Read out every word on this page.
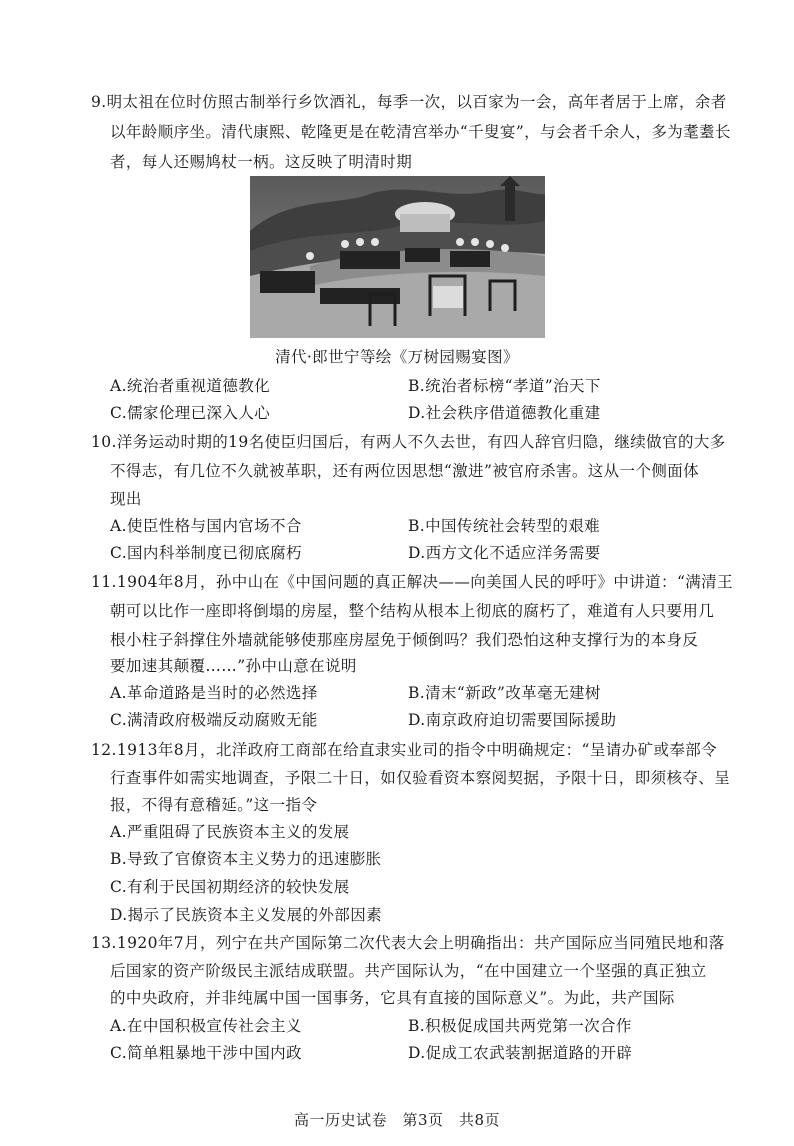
9.明太祖在位时仿照古制举行乡饮酒礼，每季一次，以百家为一会，高年者居于上席，余者
以年龄顺序坐。清代康熙、乾隆更是在乾清宫举办“千叟宴”，与会者千余人，多为耄耋长
者，每人还赐鸠杖一柄。这反映了明清时期
清代·郎世宁等绘《万树园赐宴图》
A.统治者重视道德教化	B.统治者标榜“孝道”治天下
C.儒家伦理已深入人心	D.社会秩序借道德教化重建
10.洋务运动时期的19名使臣归国后，有两人不久去世，有四人辞官归隐，继续做官的大多
不得志，有几位不久就被革职，还有两位因思想“激进”被官府杀害。这从一个侧面体
现出
A.使臣性格与国内官场不合	B.中国传统社会转型的艰难
C.国内科举制度已彻底腐朽	D.西方文化不适应洋务需要
11.1904年8月，孙中山在《中国问题的真正解决——向美国人民的呼吁》中讲道：“满清王
朝可以比作一座即将倒塌的房屋，整个结构从根本上彻底的腐朽了，难道有人只要用几
根小柱子斜撑住外墙就能够使那座房屋免于倾倒吗？我们恐怕这种支撑行为的本身反
要加速其颠覆……”孙中山意在说明
A.革命道路是当时的必然选择	B.清末“新政”改革毫无建树
C.满清政府极端反动腐败无能	D.南京政府迫切需要国际援助
12.1913年8月，北洋政府工商部在给直隶实业司的指令中明确规定：“呈请办矿或奉部令
行查事件如需实地调查，予限二十日，如仅验看资本察阅契据，予限十日，即须核夺、呈
报，不得有意稽延。”这一指令
A.严重阻碍了民族资本主义的发展
B.导致了官僚资本主义势力的迅速膨胀
C.有利于民国初期经济的较快发展
D.揭示了民族资本主义发展的外部因素
13.1920年7月，列宁在共产国际第二次代表大会上明确指出：共产国际应当同殖民地和落
后国家的资产阶级民主派结成联盟。共产国际认为，“在中国建立一个坚强的真正独立
的中央政府，并非纯属中国一国事务，它具有直接的国际意义”。为此，共产国际
A.在中国积极宣传社会主义	B.积极促成国共两党第一次合作
C.简单粗暴地干涉中国内政	D.促成工农武装割据道路的开辟
高一历史试卷　第3页　共8页
